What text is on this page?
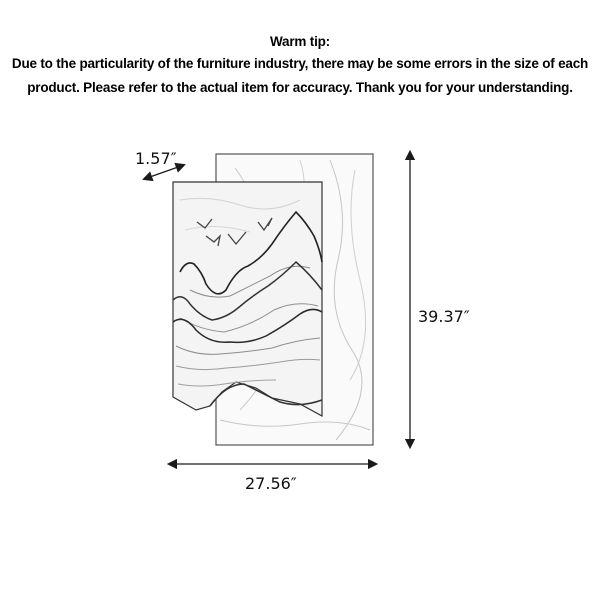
Warm tip:
Due to the particularity of the furniture industry, there may be some errors in the size of each
product. Please refer to the actual item for accuracy. Thank you for your understanding.
1.57″
39.37″
27.56″
